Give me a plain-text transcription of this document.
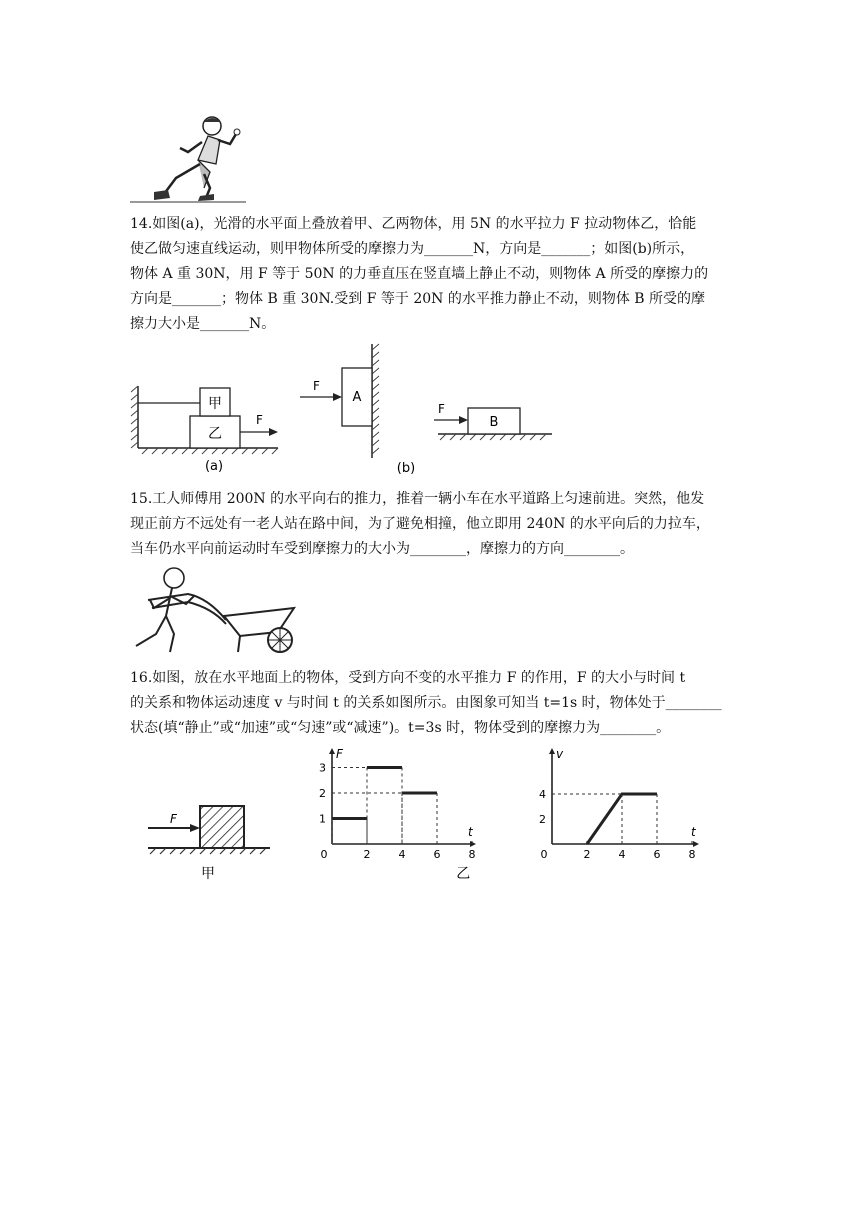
14.如图(a)，光滑的水平面上叠放着甲、乙两物体，用 5N 的水平拉力 F 拉动物体乙，恰能
使乙做匀速直线运动，则甲物体所受的摩擦力为_______N，方向是_______；如图(b)所示，
物体 A 重 30N，用 F 等于 50N 的力垂直压在竖直墙上静止不动，则物体 A 所受的摩擦力的
方向是_______；物体 B 重 30N.受到 F 等于 20N 的水平推力静止不动，则物体 B 所受的摩
擦力大小是_______N。
甲
乙
F
(a)
F
A
F
B
(b)
15.工人师傅用 200N 的水平向右的推力，推着一辆小车在水平道路上匀速前进。突然，他发
现正前方不远处有一老人站在路中间，为了避免相撞，他立即用 240N 的水平向后的力拉车，
当车仍水平向前运动时车受到摩擦力的大小为________，摩擦力的方向________。
16.如图，放在水平地面上的物体，受到方向不变的水平推力 F 的作用，F 的大小与时间 t
的关系和物体运动速度 v 与时间 t 的关系如图所示。由图象可知当 t=1s 时，物体处于________
状态(填“静止”或“加速”或“匀速”或“减速”)。t=3s 时，物体受到的摩擦力为________。
F
甲
t
F
0	2	4	6	8
1
2
3
乙
t
v
0	2	4	6	8
2
4
